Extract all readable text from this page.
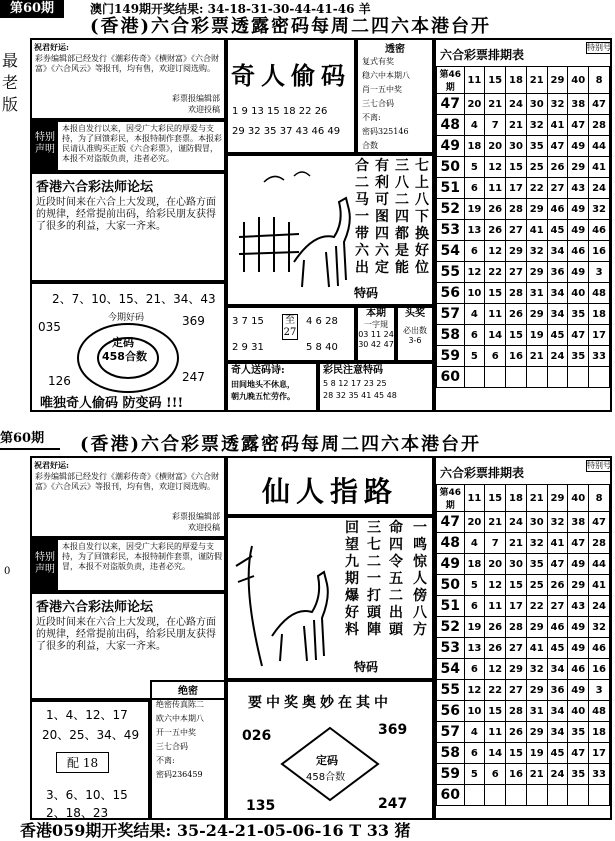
第60期	澳门149期开奖结果: 34-18-31-30-44-41-46 羊
(香港)六合彩票透露密码每周二四六本港台开
最老版
祝君好运:
彩券编辑部已经发行《潮彩传奇》《横财富》《六合财富》《六合风云》等报刊，均有售，欢迎订阅选购。
彩票报编辑部
欢迎投稿
特别声明
本报自发行以来，因受广大彩民的厚爱与支持，为了回馈彩民，本报特制作套票。本报彩民请认准购买正版《六合彩票》，谨防假冒，本报不对盗版负责，违者必究。
香港六合彩法师论坛
近段时间来在六合上大发现，在心路方面的规律，经常提前出码，给彩民朋友获得了很多的利益，大家一齐来。
2、7、10、15、21、34、43
035	369
126	247
今期好码
定码
458合数
唯独奇人偷码 防变码 !!!
奇人偷码
1 9 13 15 18 22 26
29 32 35 37 43 46 49
透密
复式有奖
稳六中本期八
肖一五中奖
三七合码
不离:
密码325146
合数
合二马一带六出
有利可图四六定
三八二四都是能
七上八下换好位
特码
3 7 15
2 9 31
至27
4 6 28
5 8 40
本期
一字規
03 11 24
30 42 47
头奖
必出数
3-6
奇人送码诗:
田间地头不休息，
朝九晚五忙劳作。
彩民注意特码
5 8 12 17 23 25
28 32 35 41 45 48
六合彩票排期表
特别号
第46期	11	15	18	21	29	40	8
47	20	21	24	30	32	38	47
48	4	7	21	32	41	47	28
49	18	20	30	35	47	49	44
50	5	12	15	25	26	29	41
51	6	11	17	22	27	43	24
52	19	26	28	29	46	49	32
53	13	26	27	41	45	49	46
54	6	12	29	32	34	46	16
55	12	22	27	29	36	49	3
56	10	15	28	31	34	40	48
57	4	11	26	29	34	35	18
58	6	14	15	19	45	47	17
59	5	6	16	21	24	35	33
60							
第60期	(香港)六合彩票透露密码每周二四六本港台开
0
祝君好运:
彩券编辑部已经发行《潮彩传奇》《横财富》《六合财富》《六合风云》等报刊，均有售，欢迎订阅选购。
彩票报编辑部
欢迎投稿
特别声明
本报自发行以来，因受广大彩民的厚爱与支持，为了回馈彩民，本报特制作套票，谨防假冒，本报不对盗版负责，违者必究。
香港六合彩法师论坛
近段时间来在六合上大发现，在心路方面的规律，经常提前出码，给彩民朋友获得了很多的利益，大家一齐来。
1、4、12、17
20、25、34、49
配 18
3、6、10、15
2、18、23
绝密
绝密传真陈二
欧六中本期八
开一五中奖
三七合码
不离:
密码236459
仙人指路
回望九期爆好料
三七二一打頭陣
命四令五二出頭
一鸣惊人傍八方
特码
要中奖奥妙在其中
026	369
定码
458合数
135	247
六合彩票排期表
特别号
第46期	11	15	18	21	29	40	8
47	20	21	24	30	32	38	47
48	4	7	21	32	41	47	28
49	18	20	30	35	47	49	44
50	5	12	15	25	26	29	41
51	6	11	17	22	27	43	24
52	19	26	28	29	46	49	32
53	13	26	27	41	45	49	46
54	6	12	29	32	34	46	16
55	12	22	27	29	36	49	3
56	10	15	28	31	34	40	48
57	4	11	26	29	34	35	18
58	6	14	15	19	45	47	17
59	5	6	16	21	24	35	33
60							
香港059期开奖结果: 35-24-21-05-06-16 T 33 猪
